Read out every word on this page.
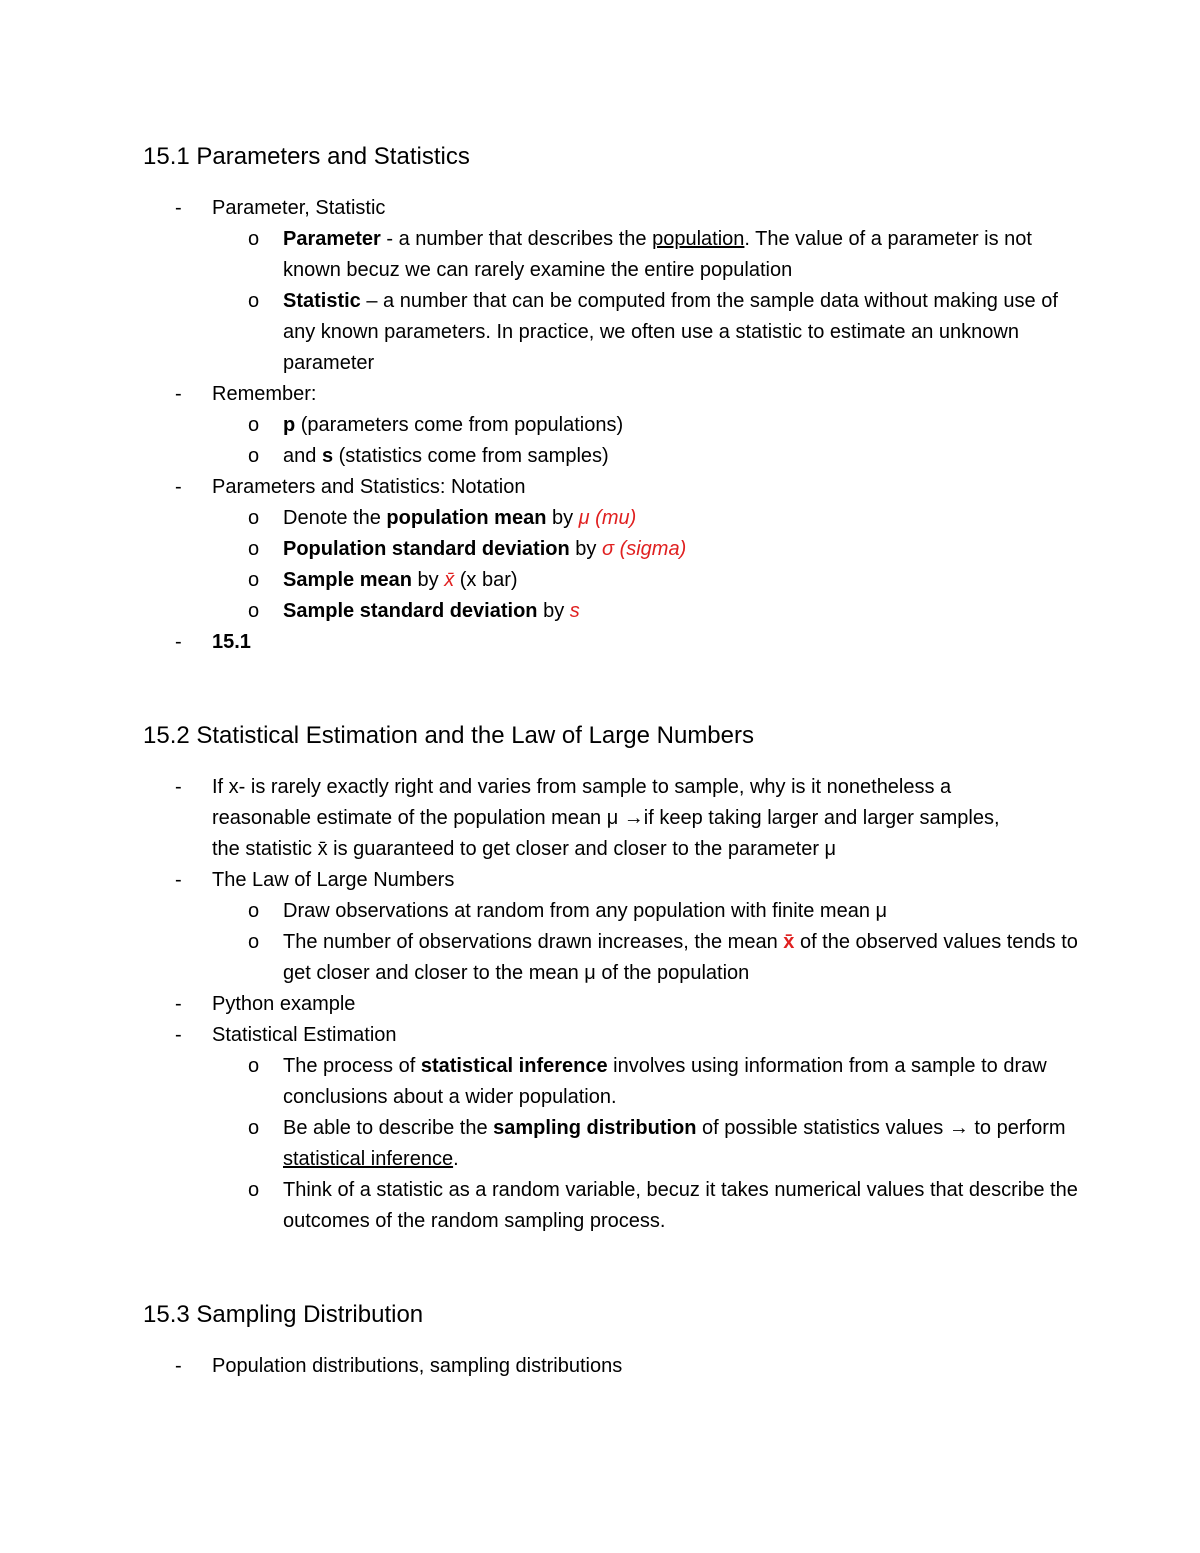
15.1 Parameters and Statistics
- Parameter, Statistic
o Parameter - a number that describes the population. The value of a parameter is not known becuz we can rarely examine the entire population
o Statistic – a number that can be computed from the sample data without making use of any known parameters. In practice, we often use a statistic to estimate an unknown parameter
- Remember:
o p (parameters come from populations)
o and s (statistics come from samples)
- Parameters and Statistics: Notation
o Denote the population mean by μ (mu)
o Population standard deviation by σ (sigma)
o Sample mean by x̄ (x bar)
o Sample standard deviation by s
- 15.1
15.2 Statistical Estimation and the Law of Large Numbers
- If x- is rarely exactly right and varies from sample to sample, why is it nonetheless a reasonable estimate of the population mean μ →if keep taking larger and larger samples, the statistic x̄ is guaranteed to get closer and closer to the parameter μ
- The Law of Large Numbers
o Draw observations at random from any population with finite mean μ
o The number of observations drawn increases, the mean x̄ of the observed values tends to get closer and closer to the mean μ of the population
- Python example
- Statistical Estimation
o The process of statistical inference involves using information from a sample to draw conclusions about a wider population.
o Be able to describe the sampling distribution of possible statistics values → to perform statistical inference.
o Think of a statistic as a random variable, becuz it takes numerical values that describe the outcomes of the random sampling process.
15.3 Sampling Distribution
- Population distributions, sampling distributions
